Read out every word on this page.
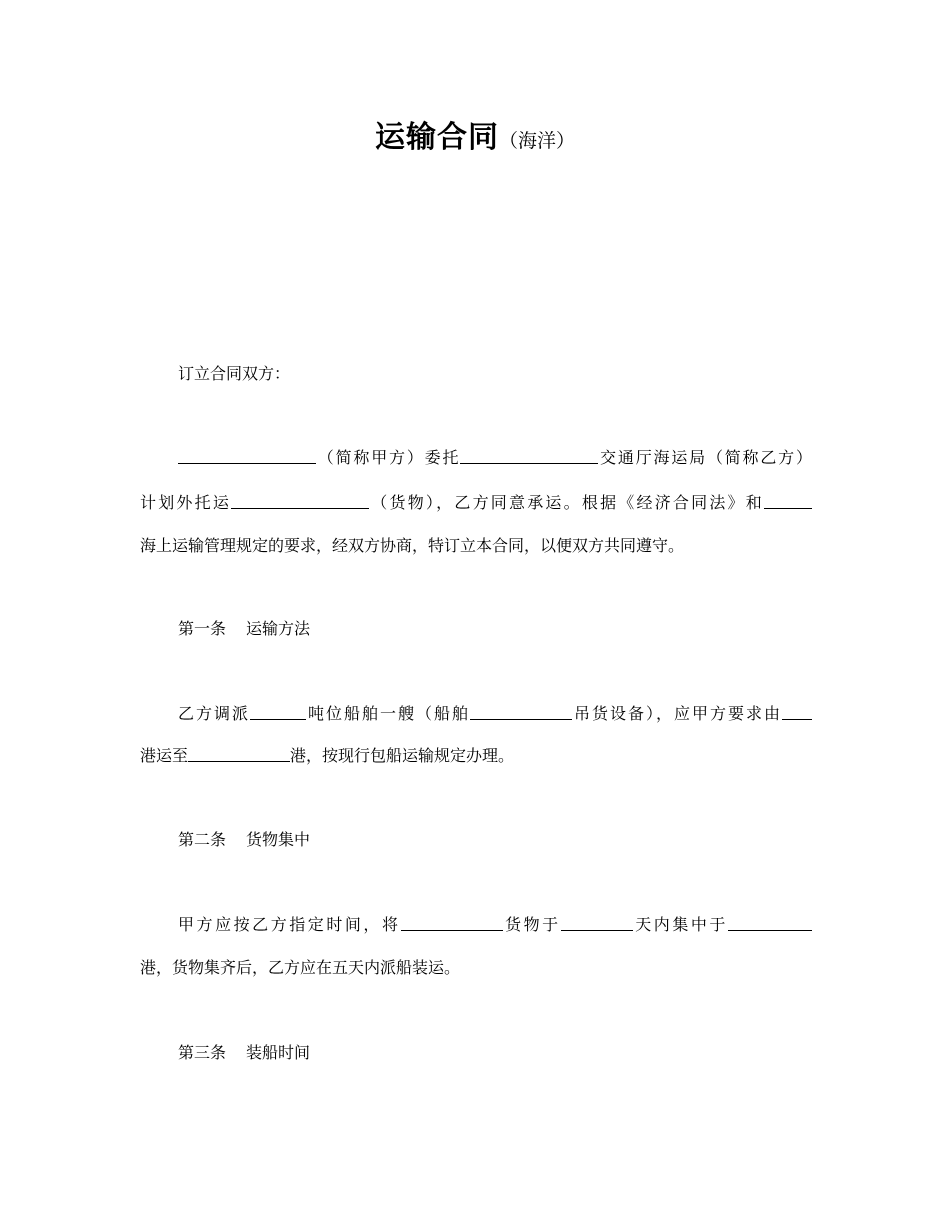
运输合同（海洋）
订立合同双方：
（简称甲方）委托	交通厅海运局（简称乙方）
计划外托运	（货物），乙方同意承运。根据《经济合同法》和
海上运输管理规定的要求，经双方协商，特订立本合同，以便双方共同遵守。
第一条 运输方法
乙方调派	吨位船舶一艘（船舶	吊货设备），应甲方要求由
港运至	港，按现行包船运输规定办理。
第二条 货物集中
甲方应按乙方指定时间，将	货物于	天内集中于
港，货物集齐后，乙方应在五天内派船装运。
第三条 装船时间
